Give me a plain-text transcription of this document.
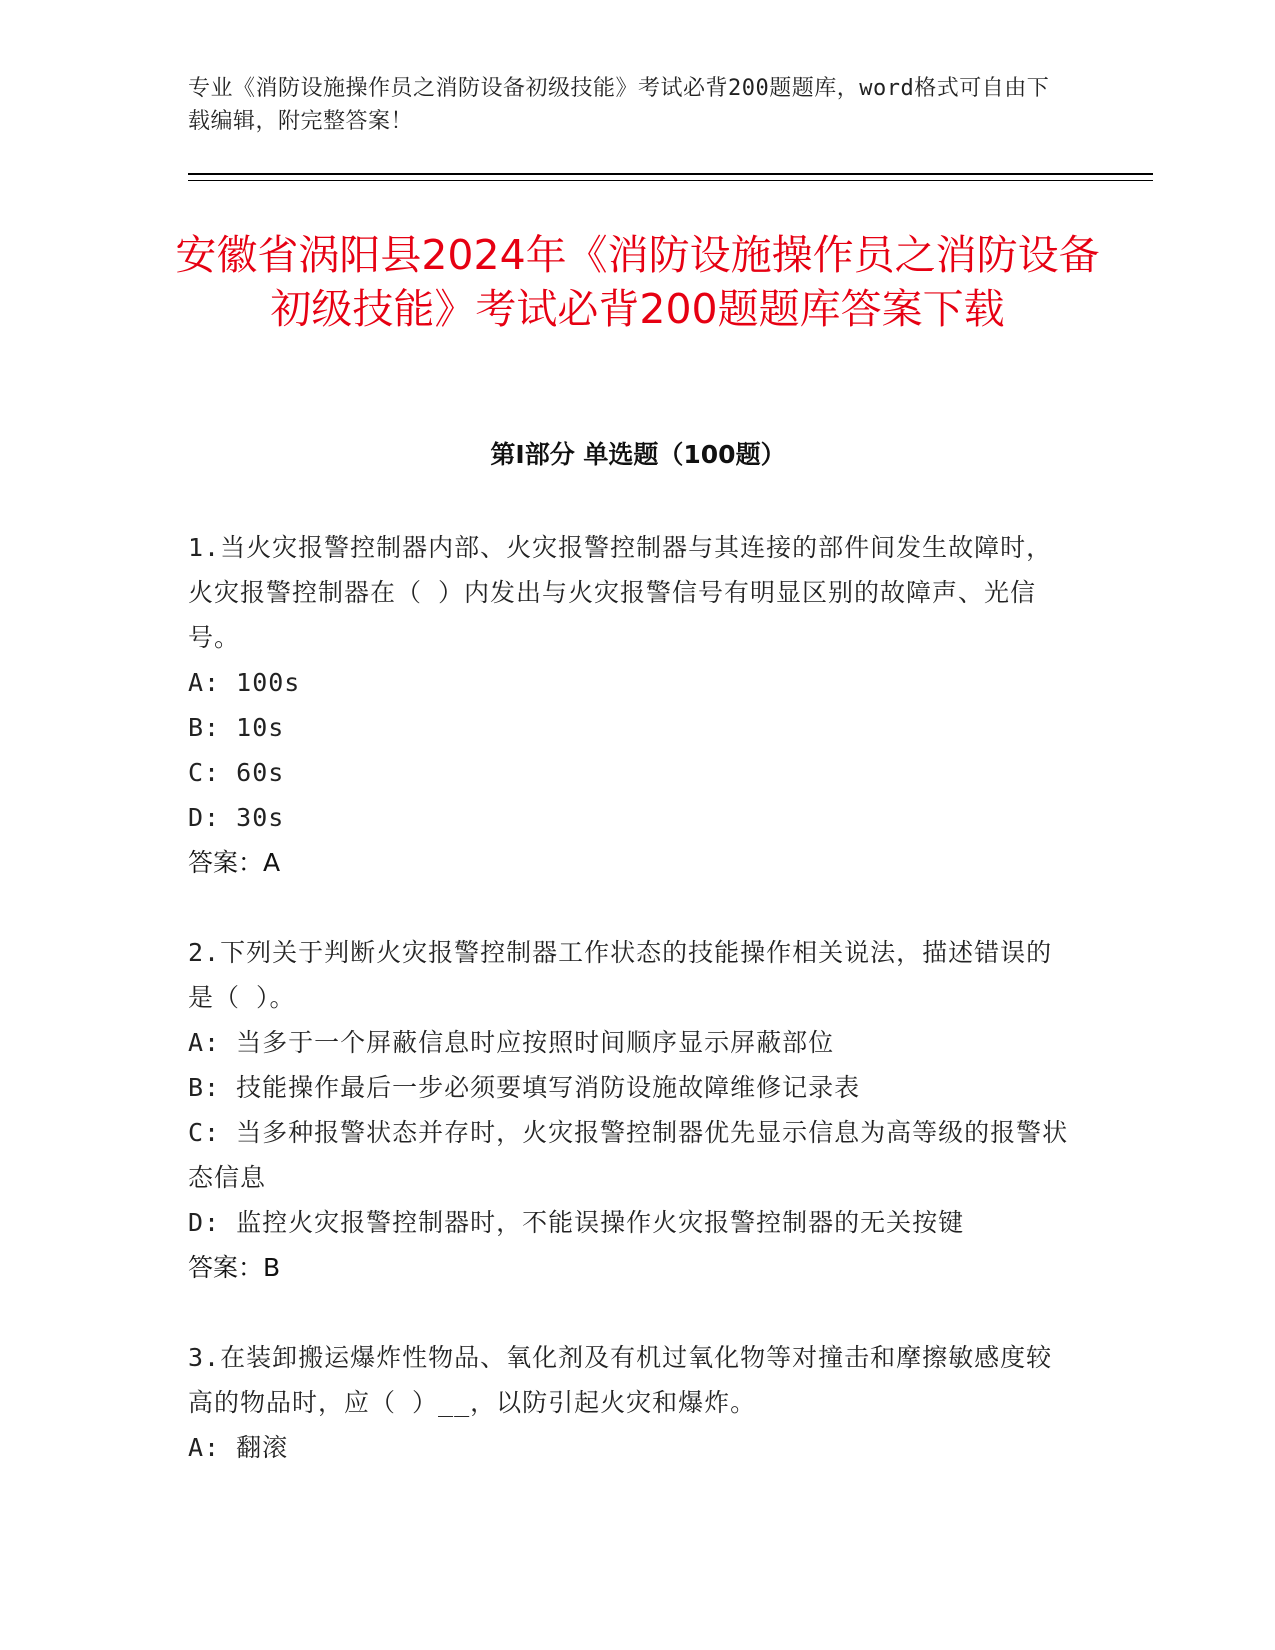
专业《消防设施操作员之消防设备初级技能》考试必背200题题库，word格式可自由下载编辑，附完整答案！
安徽省涡阳县2024年《消防设施操作员之消防设备初级技能》考试必背200题题库答案下载
第I部分 单选题（100题）

1.当火灾报警控制器内部、火灾报警控制器与其连接的部件间发生故障时，火灾报警控制器在（ ）内发出与火灾报警信号有明显区别的故障声、光信号。

A: 100s

B: 10s

C: 60s

D: 30s

答案：A

2.下列关于判断火灾报警控制器工作状态的技能操作相关说法，描述错误的是（ ）。

A: 当多于一个屏蔽信息时应按照时间顺序显示屏蔽部位

B: 技能操作最后一步必须要填写消防设施故障维修记录表

C: 当多种报警状态并存时，火灾报警控制器优先显示信息为高等级的报警状态信息

D: 监控火灾报警控制器时，不能误操作火灾报警控制器的无关按键

答案：B

3.在装卸搬运爆炸性物品、氧化剂及有机过氧化物等对撞击和摩擦敏感度较高的物品时，应（ ）__，以防引起火灾和爆炸。

A: 翻滚
